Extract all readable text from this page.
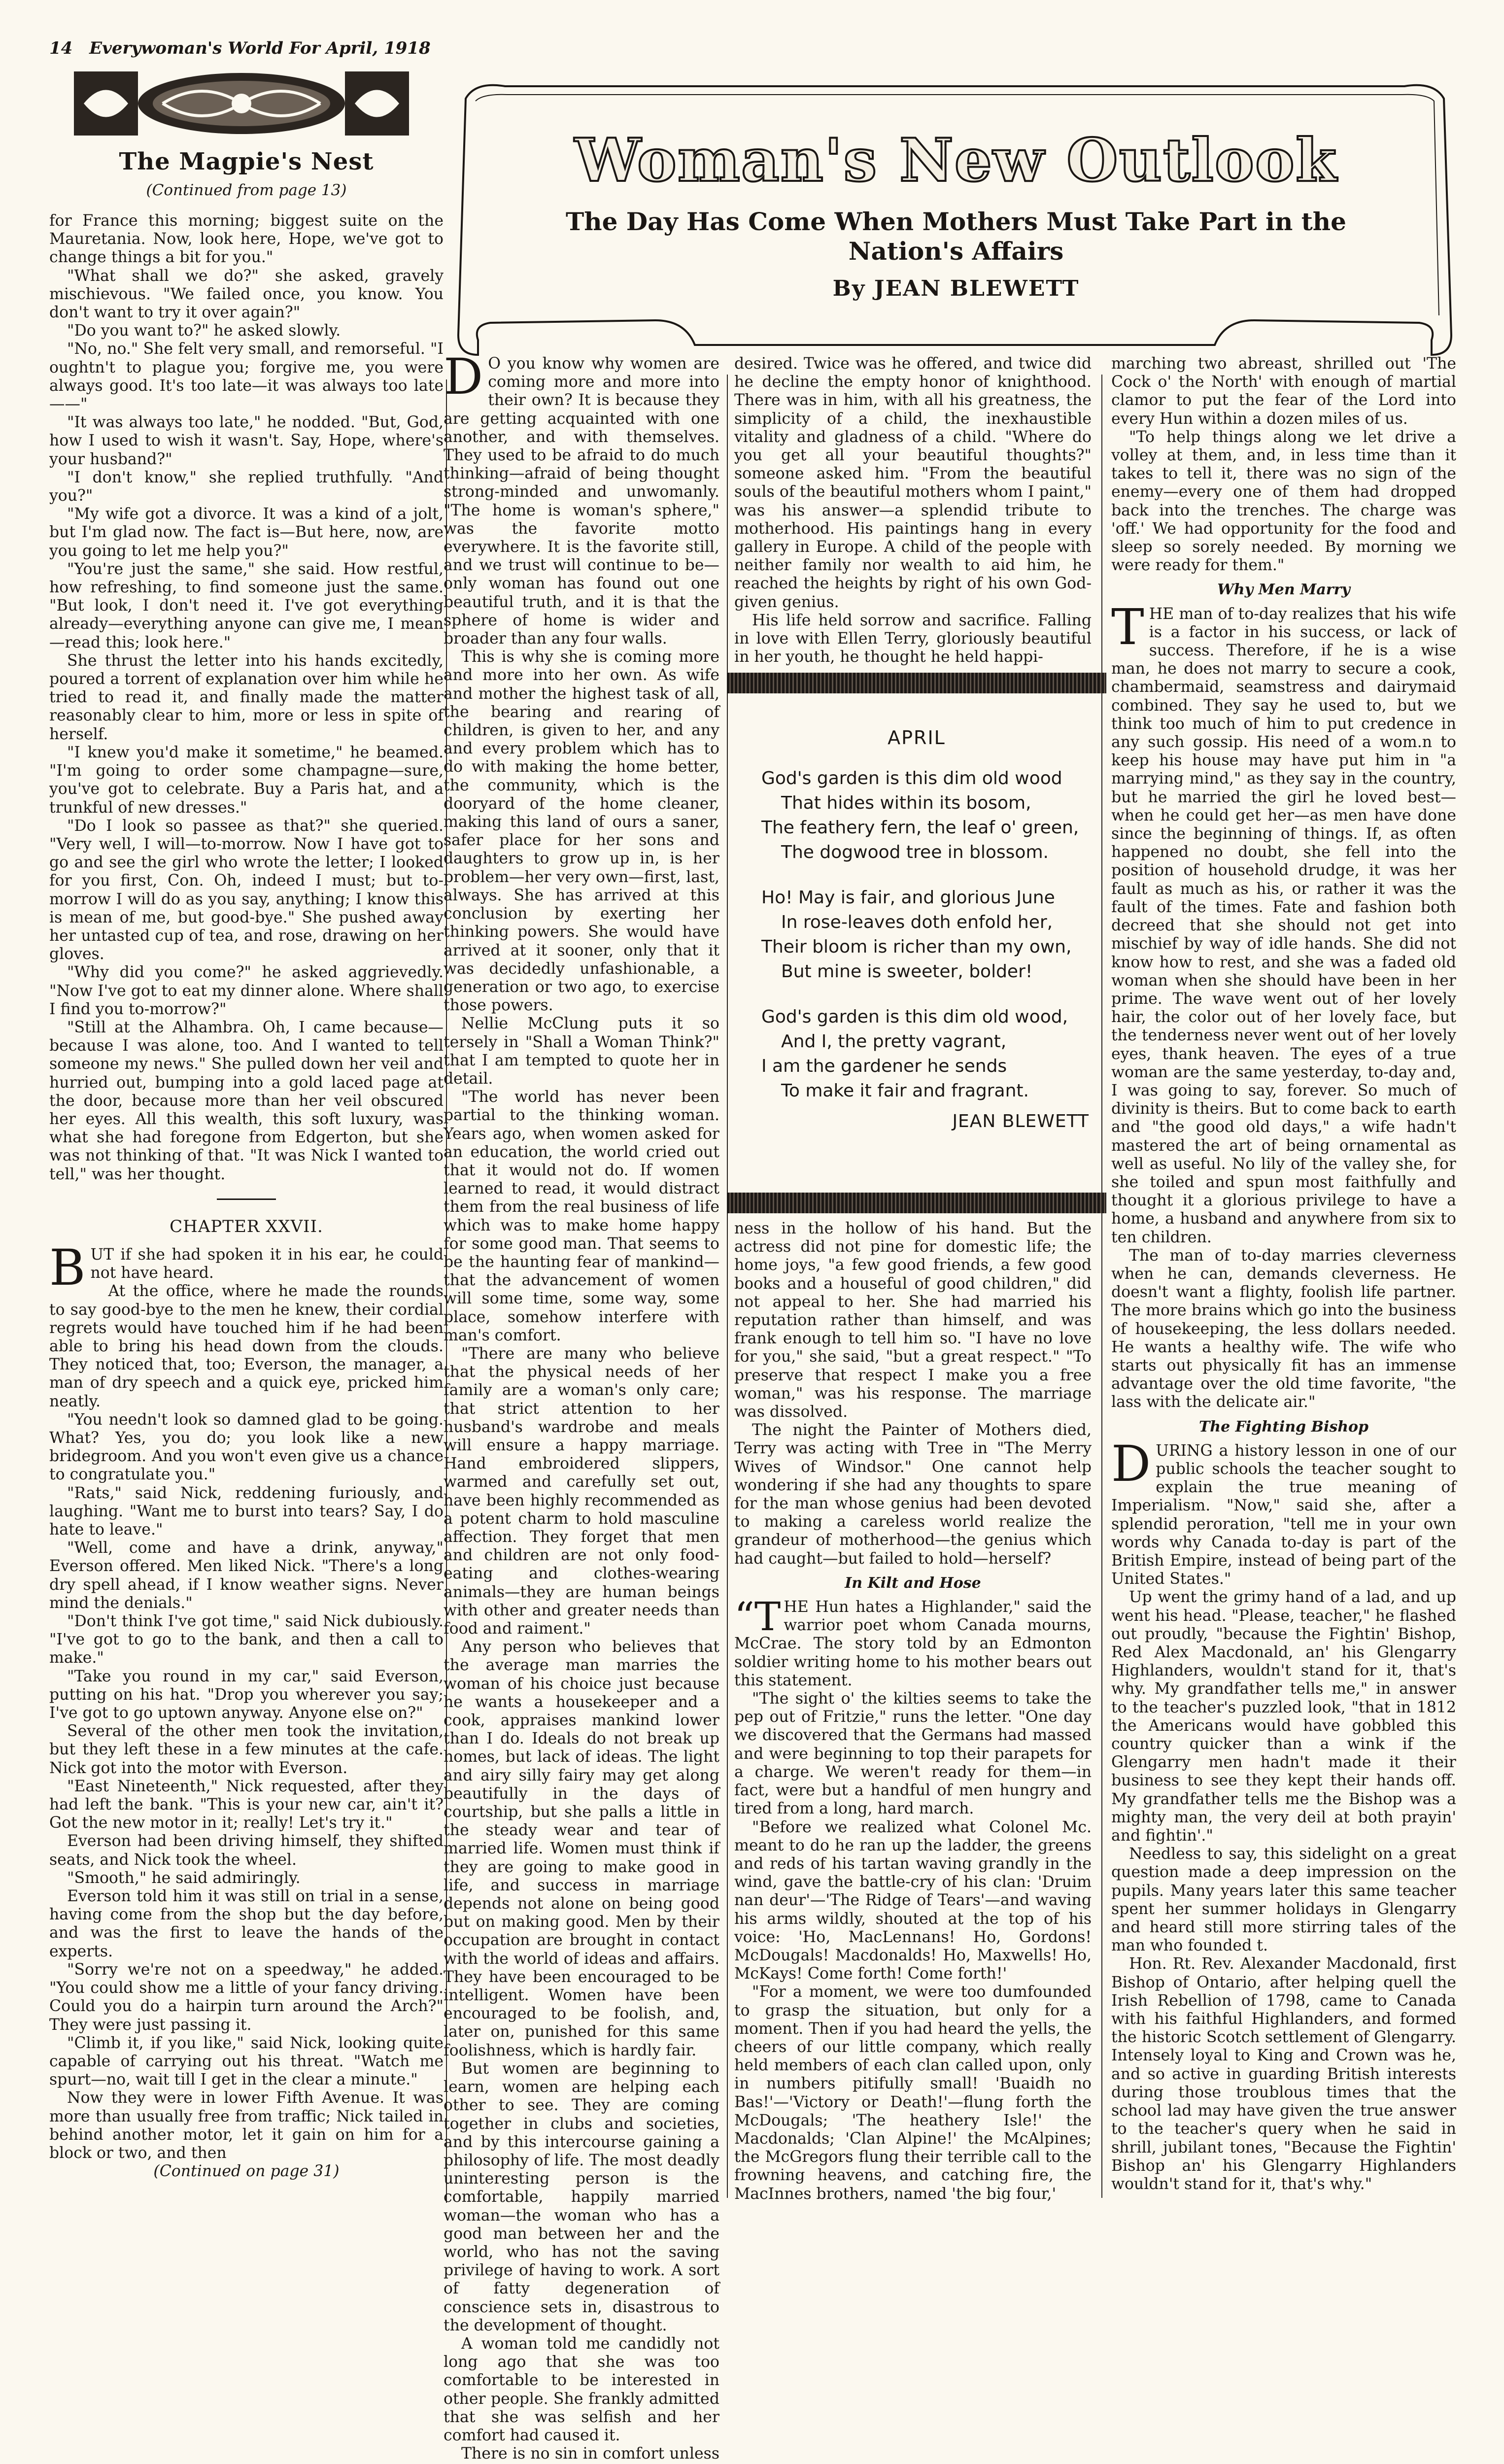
14 Everywoman's World For April, 1918
The Magpie's Nest
(Continued from page 13)

for France this morning; biggest suite on the Mauretania. Now, look here, Hope, we've got to change things a bit for you."

"What shall we do?" she asked, gravely mischievous. "We failed once, you know. You don't want to try it over again?"

"Do you want to?" he asked slowly.

"No, no." She felt very small, and remorseful. "I oughtn't to plague you; forgive me, you were always good. It's too late—it was always too late——"

"It was always too late," he nodded. "But, God, how I used to wish it wasn't. Say, Hope, where's your husband?"

"I don't know," she replied truthfully. "And you?"

"My wife got a divorce. It was a kind of a jolt, but I'm glad now. The fact is—But here, now, are you going to let me help you?"

"You're just the same," she said. How restful, how refreshing, to find someone just the same. "But look, I don't need it. I've got everything already—everything anyone can give me, I mean—read this; look here."

She thrust the letter into his hands excitedly, poured a torrent of explanation over him while he tried to read it, and finally made the matter reasonably clear to him, more or less in spite of herself.

"I knew you'd make it sometime," he beamed. "I'm going to order some champagne—sure, you've got to celebrate. Buy a Paris hat, and a trunkful of new dresses."

"Do I look so passee as that?" she queried. "Very well, I will—to-morrow. Now I have got to go and see the girl who wrote the letter; I looked for you first, Con. Oh, indeed I must; but to-morrow I will do as you say, anything; I know this is mean of me, but good-bye." She pushed away her untasted cup of tea, and rose, drawing on her gloves.

"Why did you come?" he asked aggrievedly. "Now I've got to eat my dinner alone. Where shall I find you to-morrow?"

"Still at the Alhambra. Oh, I came because—because I was alone, too. And I wanted to tell someone my news." She pulled down her veil and hurried out, bumping into a gold laced page at the door, because more than her veil obscured her eyes. All this wealth, this soft luxury, was what she had foregone from Edgerton, but she was not thinking of that. "It was Nick I wanted to tell," was her thought.

CHAPTER XXVII.

BUT if she had spoken it in his ear, he could not have heard.

At the office, where he made the rounds to say good-bye to the men he knew, their cordial regrets would have touched him if he had been able to bring his head down from the clouds. They noticed that, too; Everson, the manager, a man of dry speech and a quick eye, pricked him neatly.

"You needn't look so damned glad to be going. What? Yes, you do; you look like a new bridegroom. And you won't even give us a chance to congratulate you."

"Rats," said Nick, reddening furiously, and laughing. "Want me to burst into tears? Say, I do hate to leave."

"Well, come and have a drink, anyway," Everson offered. Men liked Nick. "There's a long dry spell ahead, if I know weather signs. Never mind the denials."

"Don't think I've got time," said Nick dubiously. "I've got to go to the bank, and then a call to make."

"Take you round in my car," said Everson, putting on his hat. "Drop you wherever you say; I've got to go uptown anyway. Anyone else on?"

Several of the other men took the invitation, but they left these in a few minutes at the cafe. Nick got into the motor with Everson.

"East Nineteenth," Nick requested, after they had left the bank. "This is your new car, ain't it? Got the new motor in it; really! Let's try it."

Everson had been driving himself, they shifted seats, and Nick took the wheel.

"Smooth," he said admiringly.

Everson told him it was still on trial in a sense, having come from the shop but the day before, and was the first to leave the hands of the experts.

"Sorry we're not on a speedway," he added. "You could show me a little of your fancy driving. Could you do a hairpin turn around the Arch?" They were just passing it.

"Climb it, if you like," said Nick, looking quite capable of carrying out his threat. "Watch me spurt—no, wait till I get in the clear a minute."

Now they were in lower Fifth Avenue. It was more than usually free from traffic; Nick tailed in behind another motor, let it gain on him for a block or two, and then

(Continued on page 31)

Woman's New Outlook
The Day Has Come When Mothers Must Take Part in the Nation's Affairs
By JEAN BLEWETT

D O you know why women are coming more and more into their own? It is because they are getting acquainted with one another, and with themselves. They used to be afraid to do much thinking—afraid of being thought strong-minded and unwomanly. "The home is woman's sphere," was the favorite motto everywhere. It is the favorite still, and we trust will continue to be—only woman has found out one beautiful truth, and it is that the sphere of home is wider and broader than any four walls.

This is why she is coming more and more into her own. As wife and mother the highest task of all, the bearing and rearing of children, is given to her, and any and every problem which has to do with making the home better, the community, which is the dooryard of the home cleaner, making this land of ours a saner, safer place for her sons and daughters to grow up in, is her problem—her very own—first, last, always. She has arrived at this conclusion by exerting her thinking powers. She would have arrived at it sooner, only that it was decidedly unfashionable, a generation or two ago, to exercise those powers.

Nellie McClung puts it so tersely in "Shall a Woman Think?" that I am tempted to quote her in detail.

"The world has never been partial to the thinking woman. Years ago, when women asked for an education, the world cried out that it would not do. If women learned to read, it would distract them from the real business of life which was to make home happy for some good man. That seems to be the haunting fear of mankind—that the advancement of women will some time, some way, some place, somehow interfere with man's comfort.

"There are many who believe that the physical needs of her family are a woman's only care; that strict attention to her husband's wardrobe and meals will ensure a happy marriage. Hand embroidered slippers, warmed and carefully set out, have been highly recommended as a potent charm to hold masculine affection. They forget that men and children are not only food-eating and clothes-wearing animals—they are human beings with other and greater needs than food and raiment."

Any person who believes that the average man marries the woman of his choice just because he wants a housekeeper and a cook, appraises mankind lower than I do. Ideals do not break up homes, but lack of ideas. The light and airy silly fairy may get along beautifully in the days of courtship, but she palls a little in the steady wear and tear of married life. Women must think if they are going to make good in life, and success in marriage depends not alone on being good but on making good. Men by their occupation are brought in contact with the world of ideas and affairs. They have been encouraged to be intelligent. Women have been encouraged to be foolish, and, later on, punished for this same foolishness, which is hardly fair.

But women are beginning to learn, women are helping each other to see. They are coming together in clubs and societies, and by this intercourse gaining a philosophy of life. The most deadly uninteresting person is the comfortable, happily married woman—the woman who has a good man between her and the world, who has not the saving privilege of having to work. A sort of fatty degeneration of conscience sets in, disastrous to the development of thought.

A woman told me candidly not long ago that she was too comfortable to be interested in other people. She frankly admitted that she was selfish and her comfort had caused it.

There is no sin in comfort unless

desired. Twice was he offered, and twice did he decline the empty honor of knighthood. There was in him, with all his greatness, the simplicity of a child, the inexhaustible vitality and gladness of a child. "Where do you get all your beautiful thoughts?" someone asked him. "From the beautiful souls of the beautiful mothers whom I paint," was his answer—a splendid tribute to motherhood. His paintings hang in every gallery in Europe. A child of the people with neither family nor wealth to aid him, he reached the heights by right of his own God-given genius.

His life held sorrow and sacrifice. Falling in love with Ellen Terry, gloriously beautiful in her youth, he thought he held happi-

APRIL
God's garden is this dim old wood
That hides within its bosom,
The feathery fern, the leaf o' green,
The dogwood tree in blossom.
Ho! May is fair, and glorious June
In rose-leaves doth enfold her,
Their bloom is richer than my own,
But mine is sweeter, bolder!
God's garden is this dim old wood,
And I, the pretty vagrant,
I am the gardener he sends
To make it fair and fragrant.
JEAN BLEWETT

ness in the hollow of his hand. But the actress did not pine for domestic life; the home joys, "a few good friends, a few good books and a houseful of good children," did not appeal to her. She had married his reputation rather than himself, and was frank enough to tell him so. "I have no love for you," she said, "but a great respect." "To preserve that respect I make you a free woman," was his response. The marriage was dissolved.

The night the Painter of Mothers died, Terry was acting with Tree in "The Merry Wives of Windsor." One cannot help wondering if she had any thoughts to spare for the man whose genius had been devoted to making a careless world realize the grandeur of motherhood—the genius which had caught—but failed to hold—herself?

In Kilt and Hose

“THE Hun hates a Highlander," said the warrior poet whom Canada mourns, McCrae. The story told by an Edmonton soldier writing home to his mother bears out this statement.

"The sight o' the kilties seems to take the pep out of Fritzie," runs the letter. "One day we discovered that the Germans had massed and were beginning to top their parapets for a charge. We weren't ready for them—in fact, were but a handful of men hungry and tired from a long, hard march.

"Before we realized what Colonel Mc. meant to do he ran up the ladder, the greens and reds of his tartan waving grandly in the wind, gave the battle-cry of his clan: 'Druim nan deur'—'The Ridge of Tears'—and waving his arms wildly, shouted at the top of his voice: 'Ho, MacLennans! Ho, Gordons! McDougals! Macdonalds! Ho, Maxwells! Ho, McKays! Come forth! Come forth!'

"For a moment, we were too dumfounded to grasp the situation, but only for a moment. Then if you had heard the yells, the cheers of our little company, which really held members of each clan called upon, only in numbers pitifully small! 'Buaidh no Bas!'—'Victory or Death!'—flung forth the McDougals; 'The heathery Isle!' the Macdonalds; 'Clan Alpine!' the McAlpines; the McGregors flung their terrible call to the frowning heavens, and catching fire, the MacInnes brothers, named 'the big four,'

marching two abreast, shrilled out 'The Cock o' the North' with enough of martial clamor to put the fear of the Lord into every Hun within a dozen miles of us.

"To help things along we let drive a volley at them, and, in less time than it takes to tell it, there was no sign of the enemy—every one of them had dropped back into the trenches. The charge was 'off.' We had opportunity for the food and sleep so sorely needed. By morning we were ready for them."

Why Men Marry

THE man of to-day realizes that his wife is a factor in his success, or lack of success. Therefore, if he is a wise man, he does not marry to secure a cook, chambermaid, seamstress and dairymaid combined. They say he used to, but we think too much of him to put credence in any such gossip. His need of a wom.n to keep his house may have put him in "a marrying mind," as they say in the country, but he married the girl he loved best—when he could get her—as men have done since the beginning of things. If, as often happened no doubt, she fell into the position of household drudge, it was her fault as much as his, or rather it was the fault of the times. Fate and fashion both decreed that she should not get into mischief by way of idle hands. She did not know how to rest, and she was a faded old woman when she should have been in her prime. The wave went out of her lovely hair, the color out of her lovely face, but the tenderness never went out of her lovely eyes, thank heaven. The eyes of a true woman are the same yesterday, to-day and, I was going to say, forever. So much of divinity is theirs. But to come back to earth and "the good old days," a wife hadn't mastered the art of being ornamental as well as useful. No lily of the valley she, for she toiled and spun most faithfully and thought it a glorious privilege to have a home, a husband and anywhere from six to ten children.

The man of to-day marries cleverness when he can, demands cleverness. He doesn't want a flighty, foolish life partner. The more brains which go into the business of housekeeping, the less dollars needed. He wants a healthy wife. The wife who starts out physically fit has an immense advantage over the old time favorite, "the lass with the delicate air."

The Fighting Bishop

DURING a history lesson in one of our public schools the teacher sought to explain the true meaning of Imperialism. "Now," said she, after a splendid peroration, "tell me in your own words why Canada to-day is part of the British Empire, instead of being part of the United States."

Up went the grimy hand of a lad, and up went his head. "Please, teacher," he flashed out proudly, "because the Fightin' Bishop, Red Alex Macdonald, an' his Glengarry Highlanders, wouldn't stand for it, that's why. My grandfather tells me," in answer to the teacher's puzzled look, "that in 1812 the Americans would have gobbled this country quicker than a wink if the Glengarry men hadn't made it their business to see they kept their hands off. My grandfather tells me the Bishop was a mighty man, the very deil at both prayin' and fightin'."

Needless to say, this sidelight on a great question made a deep impression on the pupils. Many years later this same teacher spent her summer holidays in Glengarry and heard still more stirring tales of the man who founded t.

Hon. Rt. Rev. Alexander Macdonald, first Bishop of Ontario, after helping quell the Irish Rebellion of 1798, came to Canada with his faithful Highlanders, and formed the historic Scotch settlement of Glengarry. Intensely loyal to King and Crown was he, and so active in guarding British interests during those troublous times that the school lad may have given the true answer to the teacher's query when he said in shrill, jubilant tones, "Because the Fightin' Bishop an' his Glengarry Highlanders wouldn't stand for it, that's why."
